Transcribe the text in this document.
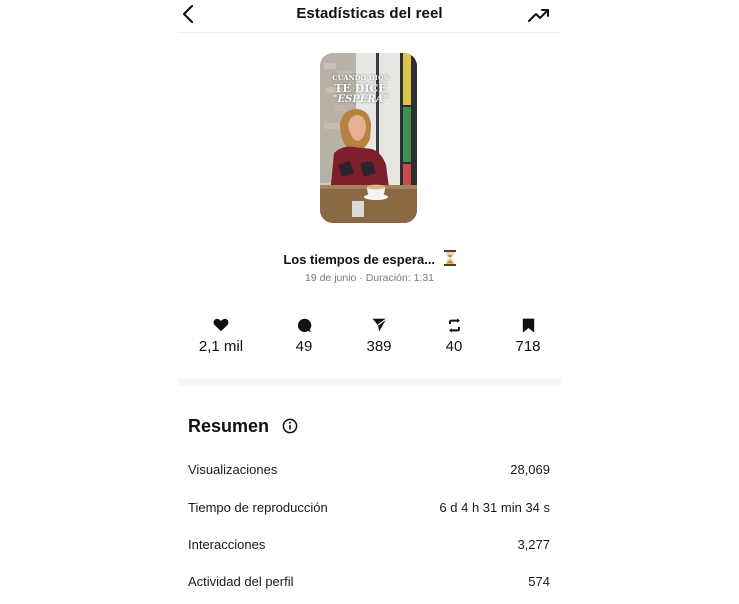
Estadísticas del reel
CUANDO DIOS
TE DICE
"ESPERA"
Los tiempos de espera...
19 de junio · Duración: 1:31
2,1 mil	49	389	40	718
Resumen
Visualizaciones	28,069
Tiempo de reproducción	6 d 4 h 31 min 34 s
Interacciones	3,277
Actividad del perfil	574
